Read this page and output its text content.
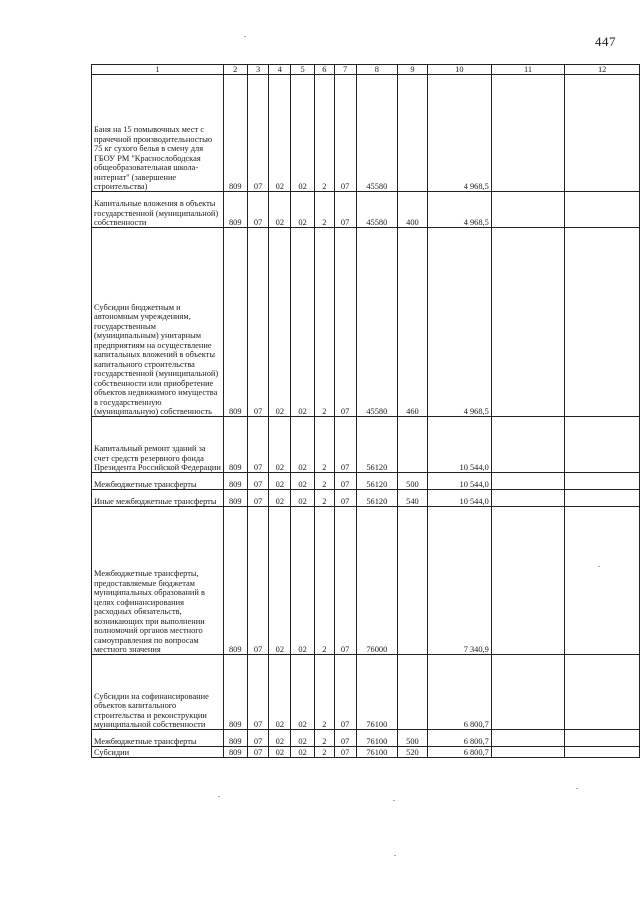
447
1	2	3	4	5	6	7	8	9	10	11	12
Баня на 15 помывочных мест с прачечной производительностью 75 кг сухого белья в смену для ГБОУ РМ "Краснослободская общеобразовательная школа-интернат" (завершение строительства)	809	07	02	02	2	07	45580		4 968,5		
Капитальные вложения в объекты государственной (муниципальной) собственности	809	07	02	02	2	07	45580	400	4 968,5		
Субсидии бюджетным и автономным учреждениям, государственным (муниципальным) унитарным предприятиям на осуществление капитальных вложений в объекты капитального строительства государственной (муниципальной) собственности или приобретение объектов недвижимого имущества в государственную (муниципальную) собственность	809	07	02	02	2	07	45580	460	4 968,5		
Капитальный ремонт зданий за счет средств резервного фонда Президента Российской Федерации	809	07	02	02	2	07	56120		10 544,0		
Межбюджетные трансферты	809	07	02	02	2	07	56120	500	10 544,0		
Иные межбюджетные трансферты	809	07	02	02	2	07	56120	540	10 544,0		
Межбюджетные трансферты, предоставляемые бюджетам муниципальных образований в целях софинансирования расходных обязательств, возникающих при выполнении полномочий органов местного самоуправления по вопросам местного значения	809	07	02	02	2	07	76000		7 340,9		
Субсидии на софинансирование объектов капитального строительства и реконструкции муниципальной собственности	809	07	02	02	2	07	76100		6 800,7		
Межбюджетные трансферты	809	07	02	02	2	07	76100	500	6 800,7		
Субсидии	809	07	02	02	2	07	76100	520	6 800,7		
